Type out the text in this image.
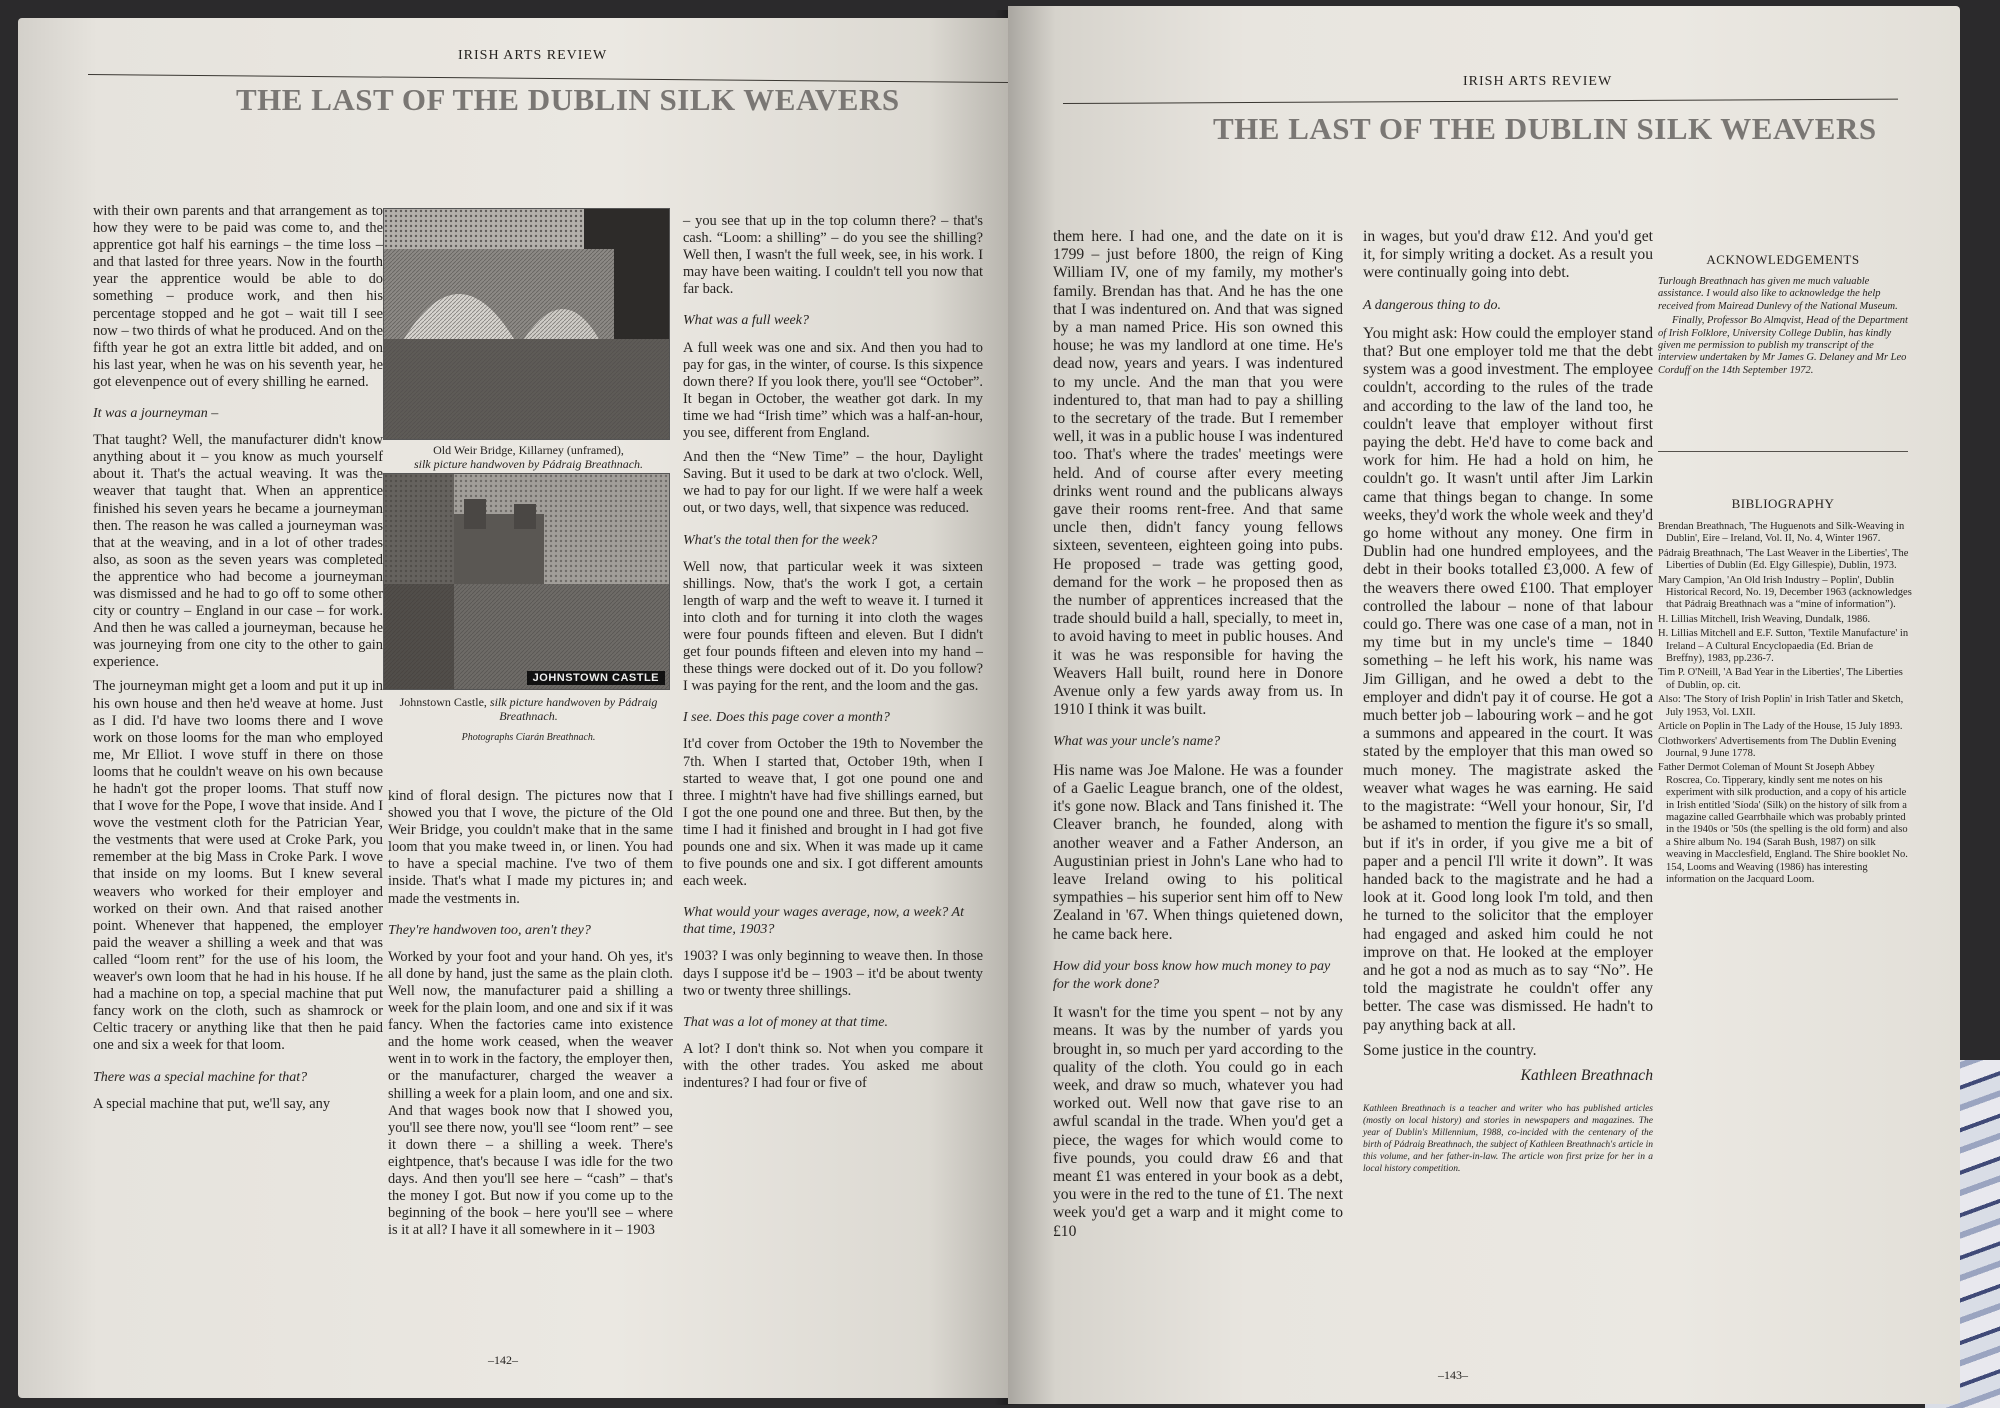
IRISH ARTS REVIEW
THE LAST OF THE DUBLIN SILK WEAVERS

with their own parents and that arrangement as to how they were to be paid was come to, and the apprentice got half his earnings – the time loss – and that lasted for three years. Now in the fourth year the apprentice would be able to do something – produce work, and then his percentage stopped and he got – wait till I see now – two thirds of what he produced. And on the fifth year he got an extra little bit added, and on his last year, when he was on his seventh year, he got elevenpence out of every shilling he earned.

It was a journeyman –

That taught? Well, the manufacturer didn't know anything about it – you know as much yourself about it. That's the actual weaving. It was the weaver that taught that. When an apprentice finished his seven years he became a journeyman then. The reason he was called a journeyman was that at the weaving, and in a lot of other trades also, as soon as the seven years was completed the apprentice who had become a journeyman was dismissed and he had to go off to some other city or country – England in our case – for work. And then he was called a journeyman, because he was journeying from one city to the other to gain experience.

The journeyman might get a loom and put it up in his own house and then he'd weave at home. Just as I did. I'd have two looms there and I wove work on those looms for the man who employed me, Mr Elliot. I wove stuff in there on those looms that he couldn't weave on his own because he hadn't got the proper looms. That stuff now that I wove for the Pope, I wove that inside. And I wove the vestment cloth for the Patrician Year, the vestments that were used at Croke Park, you remember at the big Mass in Croke Park. I wove that inside on my looms. But I knew several weavers who worked for their employer and worked on their own. And that raised another point. Whenever that happened, the employer paid the weaver a shilling a week and that was called “loom rent” for the use of his loom, the weaver's own loom that he had in his house. If he had a machine on top, a special machine that put fancy work on the cloth, such as shamrock or Celtic tracery or anything like that then he paid one and six a week for that loom.

There was a special machine for that?

A special machine that put, we'll say, any

Old Weir Bridge, Killarney (unframed),
silk picture handwoven by Pádraig Breathnach.
JOHNSTOWN CASTLE
Johnstown Castle, silk picture handwoven by Pádraig Breathnach.
Photographs Ciarán Breathnach.

kind of floral design. The pictures now that I showed you that I wove, the picture of the Old Weir Bridge, you couldn't make that in the same loom that you make tweed in, or linen. You had to have a special machine. I've two of them inside. That's what I made my pictures in; and made the vestments in.

They're handwoven too, aren't they?

Worked by your foot and your hand. Oh yes, it's all done by hand, just the same as the plain cloth. Well now, the manufacturer paid a shilling a week for the plain loom, and one and six if it was fancy. When the factories came into existence and the home work ceased, when the weaver went in to work in the factory, the employer then, or the manufacturer, charged the weaver a shilling a week for a plain loom, and one and six. And that wages book now that I showed you, you'll see there now, you'll see “loom rent” – see it down there – a shilling a week. There's eightpence, that's because I was idle for the two days. And then you'll see here – “cash” – that's the money I got. But now if you come up to the beginning of the book – here you'll see – where is it at all? I have it all somewhere in it – 1903

– you see that up in the top column there? – that's cash. “Loom: a shilling” – do you see the shilling? Well then, I wasn't the full week, see, in his work. I may have been waiting. I couldn't tell you now that far back.

What was a full week?

A full week was one and six. And then you had to pay for gas, in the winter, of course. Is this sixpence down there? If you look there, you'll see “October”. It began in October, the weather got dark. In my time we had “Irish time” which was a half-an-hour, you see, different from England.

And then the “New Time” – the hour, Daylight Saving. But it used to be dark at two o'clock. Well, we had to pay for our light. If we were half a week out, or two days, well, that sixpence was reduced.

What's the total then for the week?

Well now, that particular week it was sixteen shillings. Now, that's the work I got, a certain length of warp and the weft to weave it. I turned it into cloth and for turning it into cloth the wages were four pounds fifteen and eleven. But I didn't get four pounds fifteen and eleven into my hand – these things were docked out of it. Do you follow? I was paying for the rent, and the loom and the gas.

I see. Does this page cover a month?

It'd cover from October the 19th to November the 7th. When I started that, October 19th, when I started to weave that, I got one pound one and three. I mightn't have had five shillings earned, but I got the one pound one and three. But then, by the time I had it finished and brought in I had got five pounds one and six. When it was made up it came to five pounds one and six. I got different amounts each week.

What would your wages average, now, a week? At that time, 1903?

1903? I was only beginning to weave then. In those days I suppose it'd be – 1903 – it'd be about twenty two or twenty three shillings.

That was a lot of money at that time.

A lot? I don't think so. Not when you compare it with the other trades. You asked me about indentures? I had four or five of

–142–
IRISH ARTS REVIEW
THE LAST OF THE DUBLIN SILK WEAVERS

them here. I had one, and the date on it is 1799 – just before 1800, the reign of King William IV, one of my family, my mother's family. Brendan has that. And he has the one that I was indentured on. And that was signed by a man named Price. His son owned this house; he was my landlord at one time. He's dead now, years and years. I was indentured to my uncle. And the man that you were indentured to, that man had to pay a shilling to the secretary of the trade. But I remember well, it was in a public house I was indentured too. That's where the trades' meetings were held. And of course after every meeting drinks went round and the publicans always gave their rooms rent-free. And that same uncle then, didn't fancy young fellows sixteen, seventeen, eighteen going into pubs. He proposed – trade was getting good, demand for the work – he proposed then as the number of apprentices increased that the trade should build a hall, specially, to meet in, to avoid having to meet in public houses. And it was he was responsible for having the Weavers Hall built, round here in Donore Avenue only a few yards away from us. In 1910 I think it was built.

What was your uncle's name?

His name was Joe Malone. He was a founder of a Gaelic League branch, one of the oldest, it's gone now. Black and Tans finished it. The Cleaver branch, he founded, along with another weaver and a Father Anderson, an Augustinian priest in John's Lane who had to leave Ireland owing to his political sympathies – his superior sent him off to New Zealand in '67. When things quietened down, he came back here.

How did your boss know how much money to pay for the work done?

It wasn't for the time you spent – not by any means. It was by the number of yards you brought in, so much per yard according to the quality of the cloth. You could go in each week, and draw so much, whatever you had worked out. Well now that gave rise to an awful scandal in the trade. When you'd get a piece, the wages for which would come to five pounds, you could draw £6 and that meant £1 was entered in your book as a debt, you were in the red to the tune of £1. The next week you'd get a warp and it might come to £10

in wages, but you'd draw £12. And you'd get it, for simply writing a docket. As a result you were continually going into debt.

A dangerous thing to do.

You might ask: How could the employer stand that? But one employer told me that the debt system was a good investment. The employee couldn't, according to the rules of the trade and according to the law of the land too, he couldn't leave that employer without first paying the debt. He'd have to come back and work for him. He had a hold on him, he couldn't go. It wasn't until after Jim Larkin came that things began to change. In some weeks, they'd work the whole week and they'd go home without any money. One firm in Dublin had one hundred employees, and the debt in their books totalled £3,000. A few of the weavers there owed £100. That employer controlled the labour – none of that labour could go. There was one case of a man, not in my time but in my uncle's time – 1840 something – he left his work, his name was Jim Gilligan, and he owed a debt to the employer and didn't pay it of course. He got a much better job – labouring work – and he got a summons and appeared in the court. It was stated by the employer that this man owed so much money. The magistrate asked the weaver what wages he was earning. He said to the magistrate: “Well your honour, Sir, I'd be ashamed to mention the figure it's so small, but if it's in order, if you give me a bit of paper and a pencil I'll write it down”. It was handed back to the magistrate and he had a look at it. Good long look I'm told, and then he turned to the solicitor that the employer had engaged and asked him could he not improve on that. He looked at the employer and he got a nod as much as to say “No”. He told the magistrate he couldn't offer any better. The case was dismissed. He hadn't to pay anything back at all.

Some justice in the country.

Kathleen Breathnach

Kathleen Breathnach is a teacher and writer who has published articles (mostly on local history) and stories in newspapers and magazines. The year of Dublin's Millennium, 1988, co-incided with the centenary of the birth of Pádraig Breathnach, the subject of Kathleen Breathnach's article in this volume, and her father-in-law. The article won first prize for her in a local history competition.

ACKNOWLEDGEMENTS

Turlough Breathnach has given me much valuable assistance. I would also like to acknowledge the help received from Mairead Dunlevy of the National Museum.

Finally, Professor Bo Almqvist, Head of the Department of Irish Folklore, University College Dublin, has kindly given me permission to publish my transcript of the interview undertaken by Mr James G. Delaney and Mr Leo Corduff on the 14th September 1972.

BIBLIOGRAPHY

Brendan Breathnach, 'The Huguenots and Silk-Weaving in Dublin', Eire – Ireland, Vol. II, No. 4, Winter 1967.

Pádraig Breathnach, 'The Last Weaver in the Liberties', The Liberties of Dublin (Ed. Elgy Gillespie), Dublin, 1973.

Mary Campion, 'An Old Irish Industry – Poplin', Dublin Historical Record, No. 19, December 1963 (acknowledges that Pádraig Breathnach was a “mine of information”).

H. Lillias Mitchell, Irish Weaving, Dundalk, 1986.

H. Lillias Mitchell and E.F. Sutton, 'Textile Manufacture' in Ireland – A Cultural Encyclopaedia (Ed. Brian de Breffny), 1983, pp.236-7.

Tim P. O'Neill, 'A Bad Year in the Liberties', The Liberties of Dublin, op. cit.

Also: 'The Story of Irish Poplin' in Irish Tatler and Sketch, July 1953, Vol. LXII.

Article on Poplin in The Lady of the House, 15 July 1893.

Clothworkers' Advertisements from The Dublin Evening Journal, 9 June 1778.

Father Dermot Coleman of Mount St Joseph Abbey Roscrea, Co. Tipperary, kindly sent me notes on his experiment with silk production, and a copy of his article in Irish entitled 'Síoda' (Silk) on the history of silk from a magazine called Gearrbhaile which was probably printed in the 1940s or '50s (the spelling is the old form) and also a Shire album No. 194 (Sarah Bush, 1987) on silk weaving in Macclesfield, England. The Shire booklet No. 154, Looms and Weaving (1986) has interesting information on the Jacquard Loom.

–143–
